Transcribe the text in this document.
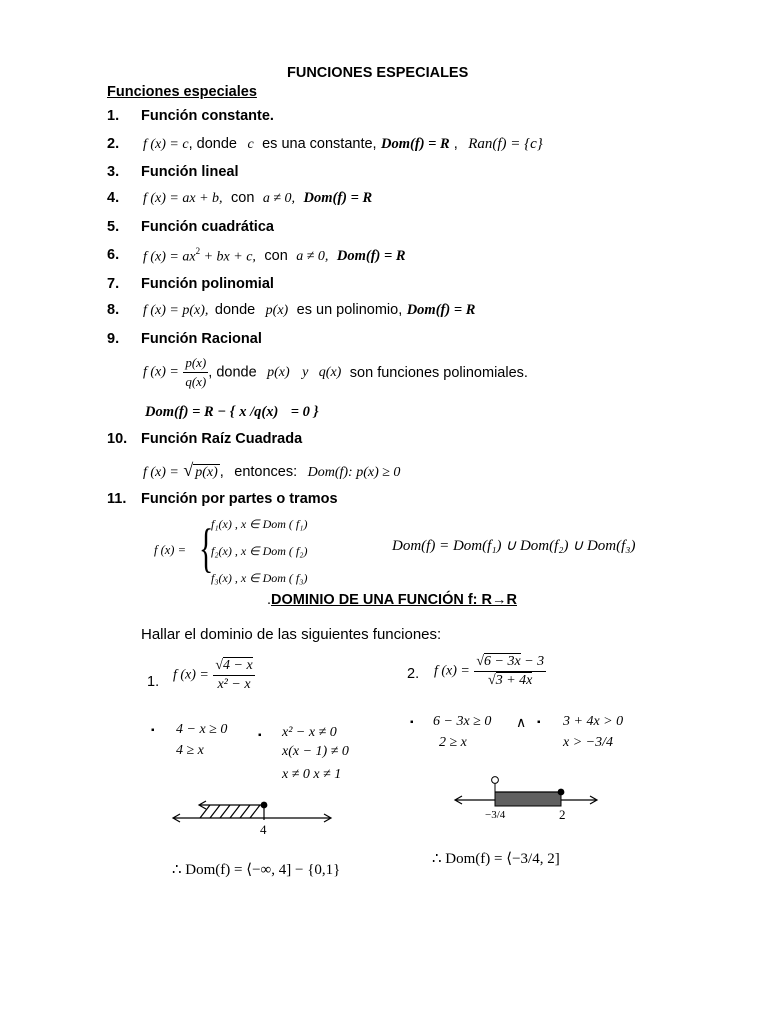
FUNCIONES ESPECIALES
Funciones especiales
1. Función constante.
2. f (x) = c, donde c es una constante, Dom(f) = R , Ran(f) = {c}
3. Función lineal
4. f (x) = ax + b, con a ≠ 0, Dom(f) = R
5. Función cuadrática
6. f $(x) = ax^2$ + bx + c, con a ≠ 0, Dom(f) = R
7. Función polinomial
8. f (x) = p(x), donde p(x) es un polinomio, Dom(f) = R
9. Función Racional
f $(x) = \frac{p(x)}{q(x)}$ , donde p(x) y q(x) son funciones polinomiales.
Dom(f) = R − { x /q(x) = 0 }
10. Función Raíz Cuadrada
f (x) = √ p(x) , entonces: Dom(f): p(x) ≥ 0
11. Función por partes o tramos
f (x) = {
f₁(x) , x ∈ Dom ( f₁)
f₂(x) , x ∈ Dom ( f₂)
f₃(x) , x ∈ Dom ( f₃)
Dom(f) = Dom(f₁) ∪ Dom(f₂) ∪ Dom(f₃)
.DOMINIO DE UNA FUNCIÓN f: R→R
Hallar el dominio de las siguientes funciones:
1. f $(x) = \frac{√4 - x}{\text{x² − x}}$
▪ 4 − x ≥ 0
4 ≥ x
▪ x² − x ≠ 0
x(x − 1) ≠ 0
x ≠ 0 x ≠ 1
4
∴ Dom(f) = ⟨−∞, 4] − {0,1}
2. f $(x) = \frac{√6 - 3x - 3}{√3 + 4x}$
▪ 6 − 3x ≥ 0
2 ≥ x
∧ ▪ 3 + 4x > 0
x > −3/4
−3/4	2
∴ Dom(f) = ⟨−3/4, 2]
